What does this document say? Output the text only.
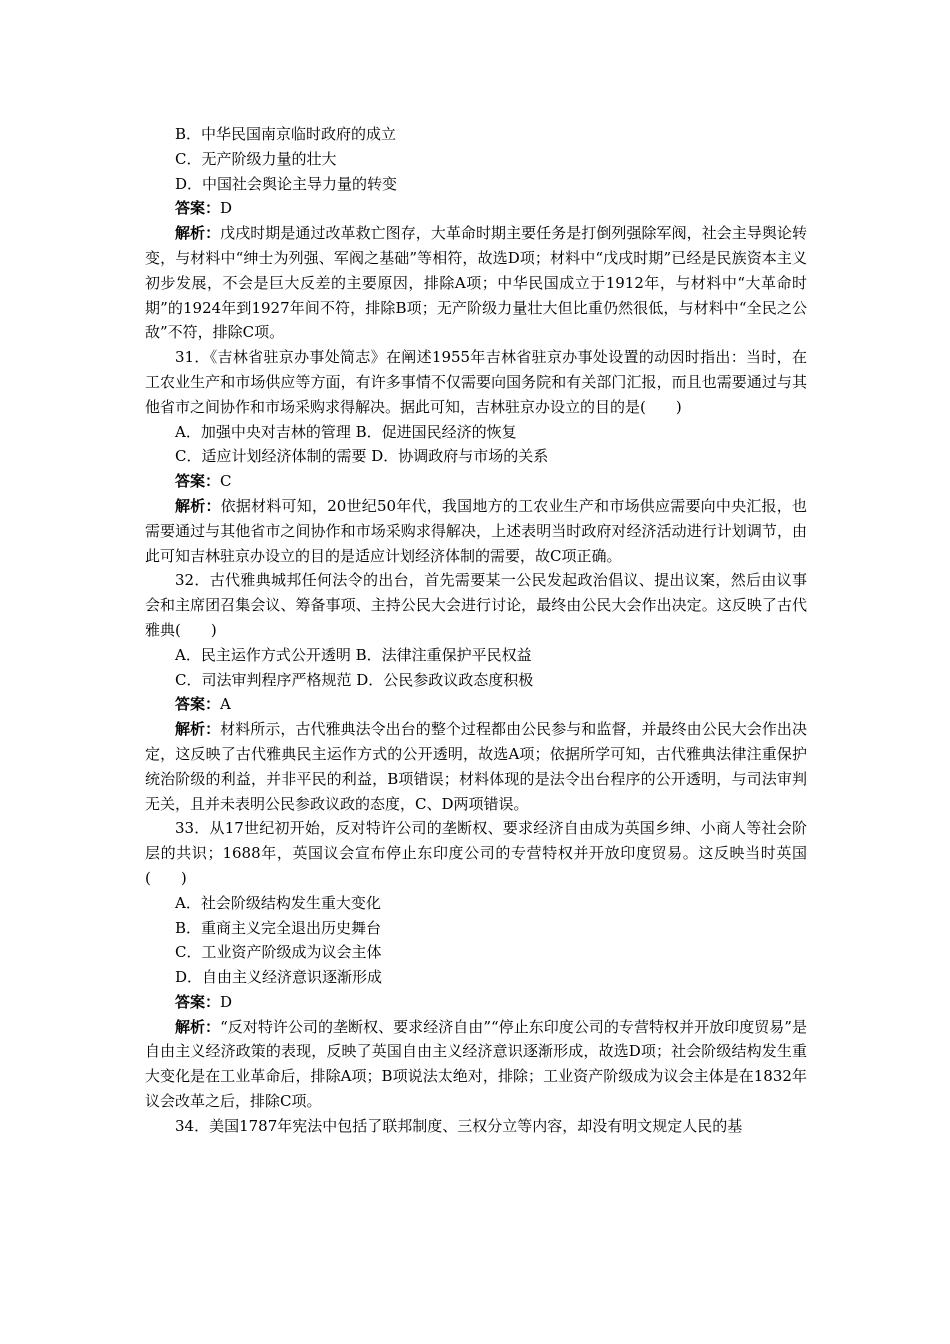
B．中华民国南京临时政府的成立

C．无产阶级力量的壮大

D．中国社会舆论主导力量的转变

答案：D

解析：戊戌时期是通过改革救亡图存，大革命时期主要任务是打倒列强除军阀，社会主导舆论转变，与材料中“绅士为列强、军阀之基础”等相符，故选D项；材料中“戊戌时期”已经是民族资本主义初步发展，不会是巨大反差的主要原因，排除A项；中华民国成立于1912年，与材料中“大革命时期”的1924年到1927年间不符，排除B项；无产阶级力量壮大但比重仍然很低，与材料中“全民之公敌”不符，排除C项。

31．《吉林省驻京办事处简志》在阐述1955年吉林省驻京办事处设置的动因时指出：当时，在工农业生产和市场供应等方面，有许多事情不仅需要向国务院和有关部门汇报，而且也需要通过与其他省市之间协作和市场采购求得解决。据此可知，吉林驻京办设立的目的是(　　)

A．加强中央对吉林的管理 B．促进国民经济的恢复

C．适应计划经济体制的需要 D．协调政府与市场的关系

答案：C

解析：依据材料可知，20世纪50年代，我国地方的工农业生产和市场供应需要向中央汇报，也需要通过与其他省市之间协作和市场采购求得解决，上述表明当时政府对经济活动进行计划调节，由此可知吉林驻京办设立的目的是适应计划经济体制的需要，故C项正确。

32．古代雅典城邦任何法令的出台，首先需要某一公民发起政治倡议、提出议案，然后由议事会和主席团召集会议、筹备事项、主持公民大会进行讨论，最终由公民大会作出决定。这反映了古代雅典(　　)

A．民主运作方式公开透明 B．法律注重保护平民权益

C．司法审判程序严格规范 D．公民参政议政态度积极

答案：A

解析：材料所示，古代雅典法令出台的整个过程都由公民参与和监督，并最终由公民大会作出决定，这反映了古代雅典民主运作方式的公开透明，故选A项；依据所学可知，古代雅典法律注重保护统治阶级的利益，并非平民的利益，B项错误；材料体现的是法令出台程序的公开透明，与司法审判无关，且并未表明公民参政议政的态度，C、D两项错误。

33．从17世纪初开始，反对特许公司的垄断权、要求经济自由成为英国乡绅、小商人等社会阶层的共识；1688年，英国议会宣布停止东印度公司的专营特权并开放印度贸易。这反映当时英国(　　)

A．社会阶级结构发生重大变化

B．重商主义完全退出历史舞台

C．工业资产阶级成为议会主体

D．自由主义经济意识逐渐形成

答案：D

解析：“反对特许公司的垄断权、要求经济自由”“停止东印度公司的专营特权并开放印度贸易”是自由主义经济政策的表现，反映了英国自由主义经济意识逐渐形成，故选D项；社会阶级结构发生重大变化是在工业革命后，排除A项；B项说法太绝对，排除；工业资产阶级成为议会主体是在1832年议会改革之后，排除C项。

34．美国1787年宪法中包括了联邦制度、三权分立等内容，却没有明文规定人民的基
